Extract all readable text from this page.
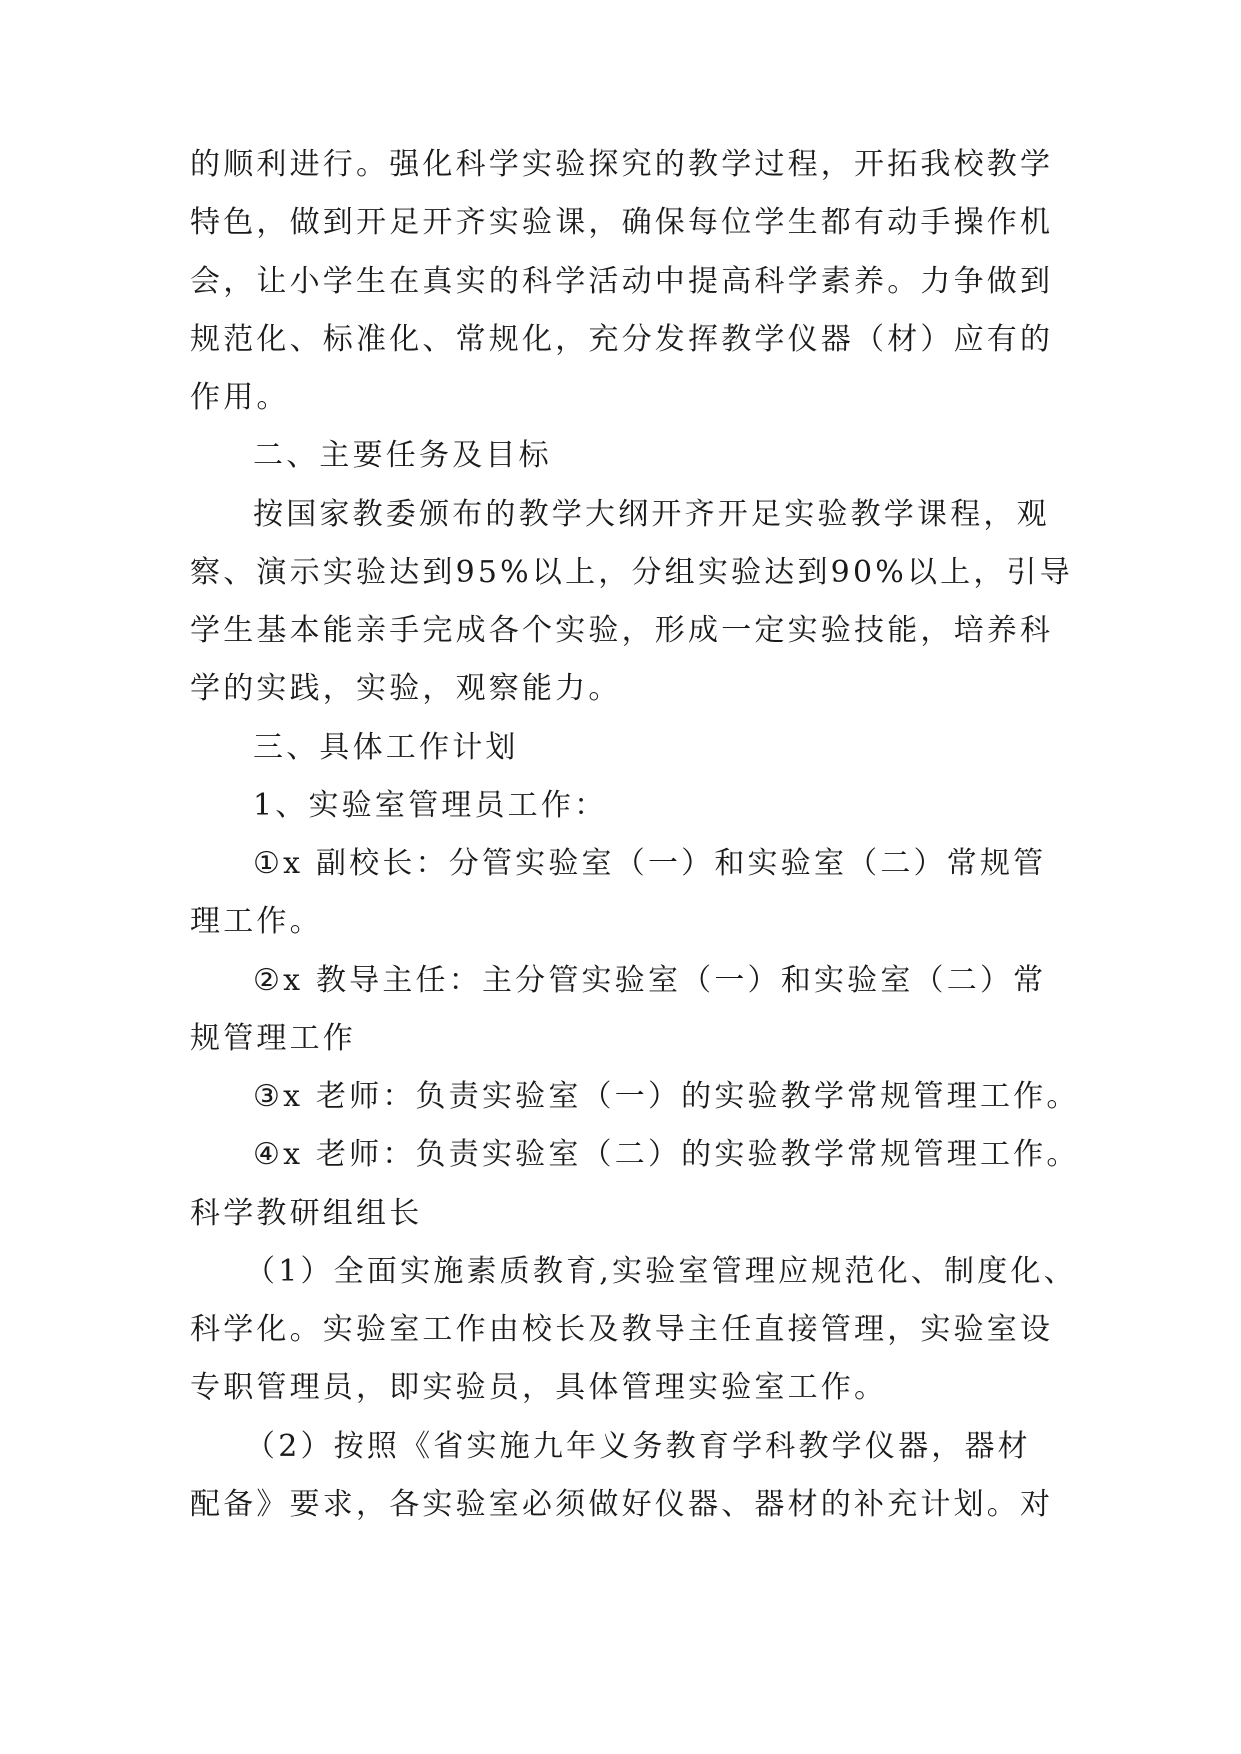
的顺利进行。强化科学实验探究的教学过程，开拓我校教学
特色，做到开足开齐实验课，确保每位学生都有动手操作机
会，让小学生在真实的科学活动中提高科学素养。力争做到
规范化、标准化、常规化，充分发挥教学仪器（材）应有的
作用。
二、主要任务及目标
按国家教委颁布的教学大纲开齐开足实验教学课程，观
察、演示实验达到95%以上，分组实验达到90%以上，引导
学生基本能亲手完成各个实验，形成一定实验技能，培养科
学的实践，实验，观察能力。
三、具体工作计划
1、实验室管理员工作：
①x 副校长：分管实验室（一）和实验室（二）常规管
理工作。
②x 教导主任：主分管实验室（一）和实验室（二）常
规管理工作
③x 老师：负责实验室（一）的实验教学常规管理工作。
④x 老师：负责实验室（二）的实验教学常规管理工作。
科学教研组组长
（1）全面实施素质教育,实验室管理应规范化、制度化、
科学化。实验室工作由校长及教导主任直接管理，实验室设
专职管理员，即实验员，具体管理实验室工作。
（2）按照《省实施九年义务教育学科教学仪器，器材
配备》要求，各实验室必须做好仪器、器材的补充计划。对
